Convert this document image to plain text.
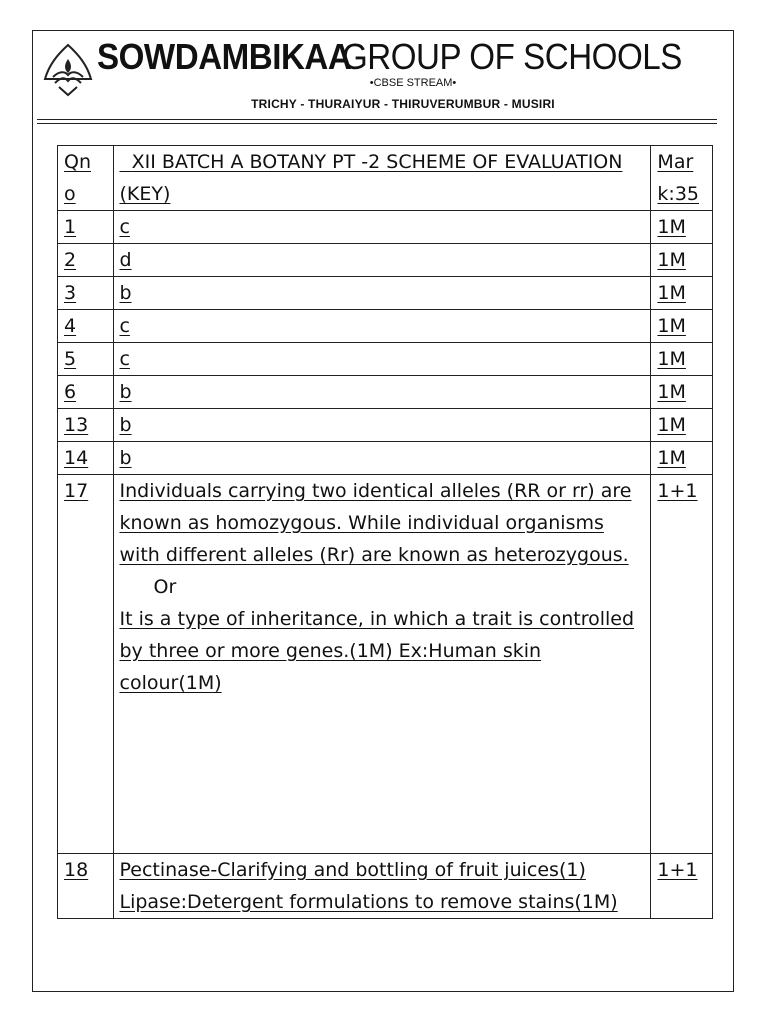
SOWDAMBIKAA
GROUP OF SCHOOLS
•CBSE STREAM•
TRICHY - THURAIYUR - THIRUVERUMBUR - MUSIRI
Qn o	XII BATCH A BOTANY PT -2 SCHEME OF EVALUATION (KEY)	Mar k:35
1	c	1M
2	d	1M
3	b	1M
4	c	1M
5	c	1M
6	b	1M
13	b	1M
14	b	1M
17	Individuals carrying two identical alleles (RR or rr) are known as homozygous. While individual organisms with different alleles (Rr) are known as heterozygous.
Or
It is a type of inheritance, in which a trait is controlled by three or more genes.(1M) Ex:Human skin colour(1M)	1+1
18	Pectinase-Clarifying and bottling of fruit juices(1)
Lipase:Detergent formulations to remove stains(1M)	1+1
